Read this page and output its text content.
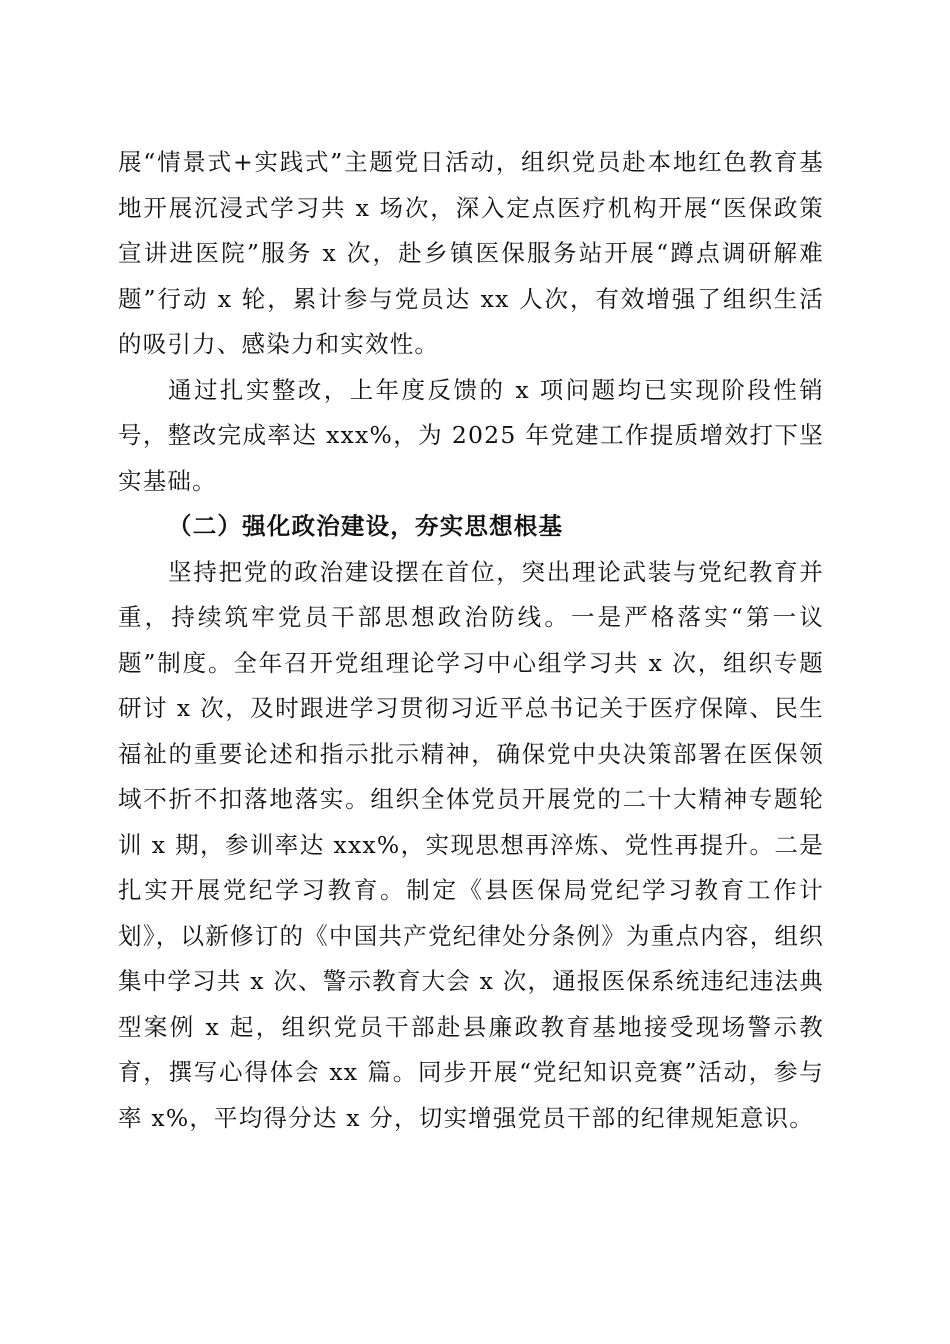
展“情景式+实践式”主题党日活动，组织党员赴本地红色教育基地开展沉浸式学习共 x 场次，深入定点医疗机构开展“医保政策宣讲进医院”服务 x 次，赴乡镇医保服务站开展“蹲点调研解难题”行动 x 轮，累计参与党员达 xx 人次，有效增强了组织生活的吸引力、感染力和实效性。

通过扎实整改，上年度反馈的 x 项问题均已实现阶段性销号，整改完成率达 xxx%，为 2025 年党建工作提质增效打下坚实基础。

（二）强化政治建设，夯实思想根基

坚持把党的政治建设摆在首位，突出理论武装与党纪教育并重，持续筑牢党员干部思想政治防线。一是严格落实“第一议题”制度。全年召开党组理论学习中心组学习共 x 次，组织专题研讨 x 次，及时跟进学习贯彻习近平总书记关于医疗保障、民生福祉的重要论述和指示批示精神，确保党中央决策部署在医保领域不折不扣落地落实。组织全体党员开展党的二十大精神专题轮训 x 期，参训率达 xxx%，实现思想再淬炼、党性再提升。二是扎实开展党纪学习教育。制定《县医保局党纪学习教育工作计划》，以新修订的《中国共产党纪律处分条例》为重点内容，组织集中学习共 x 次、警示教育大会 x 次，通报医保系统违纪违法典型案例 x 起，组织党员干部赴县廉政教育基地接受现场警示教育，撰写心得体会 xx 篇。同步开展“党纪知识竞赛”活动，参与率 x%，平均得分达 x 分，切实增强党员干部的纪律规矩意识。
